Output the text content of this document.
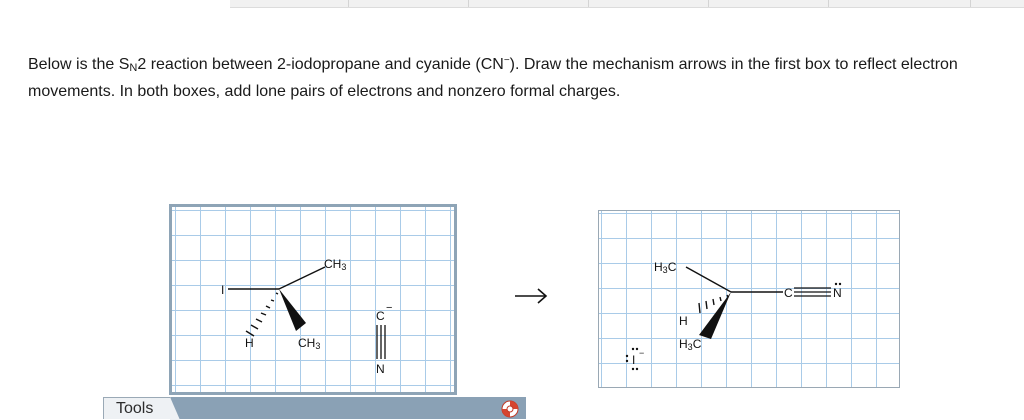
Below is the $S_N2$ reaction between 2-iodopropane and cyanide (CN−). Draw the mechanism arrows in the first box to reflect electron movements. In both boxes, add lone pairs of electrons and nonzero formal charges.
I
CH3
H	CH3
C
−
N
H3C
C	N
H
H3C
I −
Tools
